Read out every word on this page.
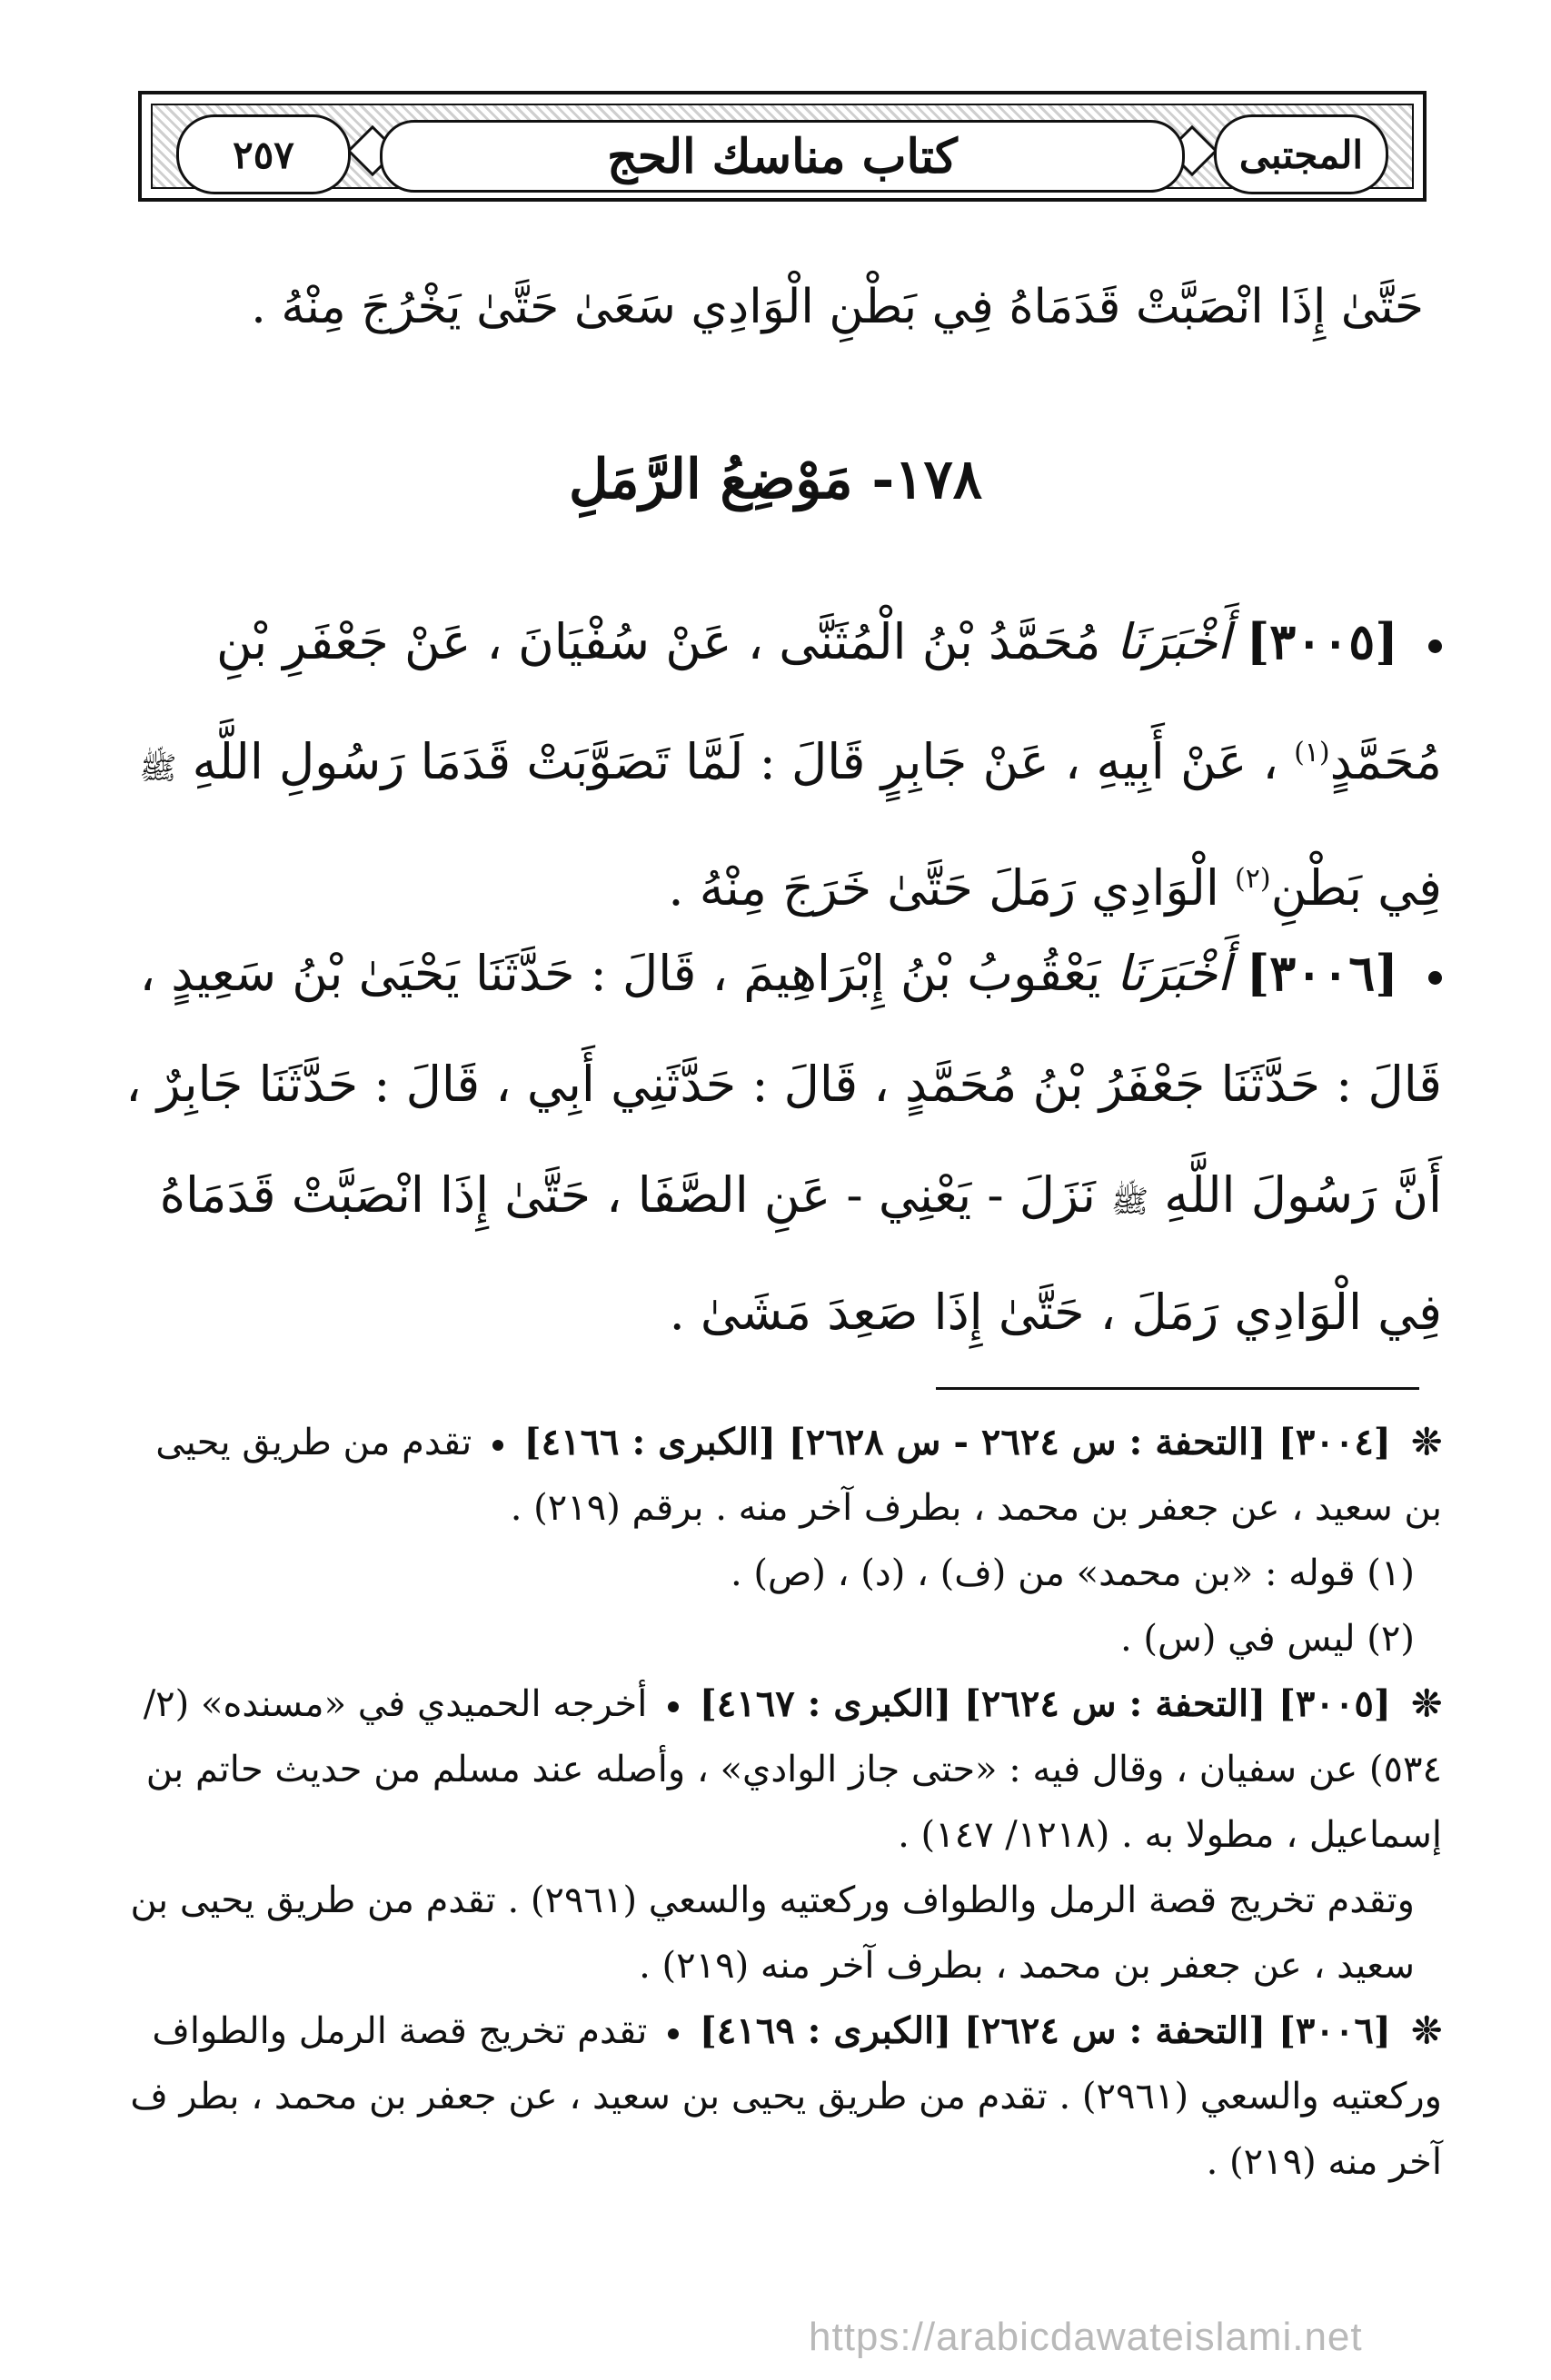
٢٥٧	كتاب مناسك الحج	المجتبى
حَتَّىٰ إِذَا انْصَبَّتْ قَدَمَاهُ فِي بَطْنِ الْوَادِي سَعَىٰ حَتَّىٰ يَخْرُجَ مِنْهُ .
١٧٨- مَوْضِعُ الرَّمَلِ
[٣٠٠٥] أَخْبَرَنَا مُحَمَّدُ بْنُ الْمُثَنَّى ، عَنْ سُفْيَانَ ، عَنْ جَعْفَرِ بْنِ مُحَمَّدٍ$^{(١)}$ ، عَنْ أَبِيهِ ، عَنْ جَابِرٍ قَالَ : لَمَّا تَصَوَّبَتْ قَدَمَا رَسُولِ اللَّهِ ﷺ فِي بَطْنِ$^{(٢)}$ الْوَادِي رَمَلَ حَتَّىٰ خَرَجَ مِنْهُ .
[٣٠٠٦] أَخْبَرَنَا يَعْقُوبُ بْنُ إِبْرَاهِيمَ ، قَالَ : حَدَّثَنَا يَحْيَىٰ بْنُ سَعِيدٍ ، قَالَ : حَدَّثَنَا جَعْفَرُ بْنُ مُحَمَّدٍ ، قَالَ : حَدَّثَنِي أَبِي ، قَالَ : حَدَّثَنَا جَابِرٌ ، أَنَّ رَسُولَ اللَّهِ ﷺ نَزَلَ - يَعْنِي - عَنِ الصَّفَا ، حَتَّىٰ إِذَا انْصَبَّتْ قَدَمَاهُ فِي الْوَادِي رَمَلَ ، حَتَّىٰ إِذَا صَعِدَ مَشَىٰ .
❊ [٣٠٠٤] [التحفة : س ٢٦٢٤ - س ٢٦٢٨] [الكبرى : ٤١٦٦]  تقدم من طريق يحيى بن سعيد ، عن جعفر بن محمد ، بطرف آخر منه . برقم (٢١٩) .
(١) قوله : «بن محمد» من (ف) ، (د) ، (ص) .
(٢) ليس في (س) .
❊ [٣٠٠٥] [التحفة : س ٢٦٢٤] [الكبرى : ٤١٦٧]  أخرجه الحميدي في «مسنده» (٢/ ٥٣٤) عن سفيان ، وقال فيه : «حتى جاز الوادي» ، وأصله عند مسلم من حديث حاتم بن إسماعيل ، مطولا به . (١٢١٨/ ١٤٧) .
وتقدم تخريج قصة الرمل والطواف وركعتيه والسعي (٢٩٦١) . تقدم من طريق يحيى بن سعيد ، عن جعفر بن محمد ، بطرف آخر منه (٢١٩) .
❊ [٣٠٠٦] [التحفة : س ٢٦٢٤] [الكبرى : ٤١٦٩]  تقدم تخريج قصة الرمل والطواف وركعتيه والسعي (٢٩٦١) . تقدم من طريق يحيى بن سعيد ، عن جعفر بن محمد ، بطر ف آخر منه (٢١٩) .
https://arabicdawateislami.net
